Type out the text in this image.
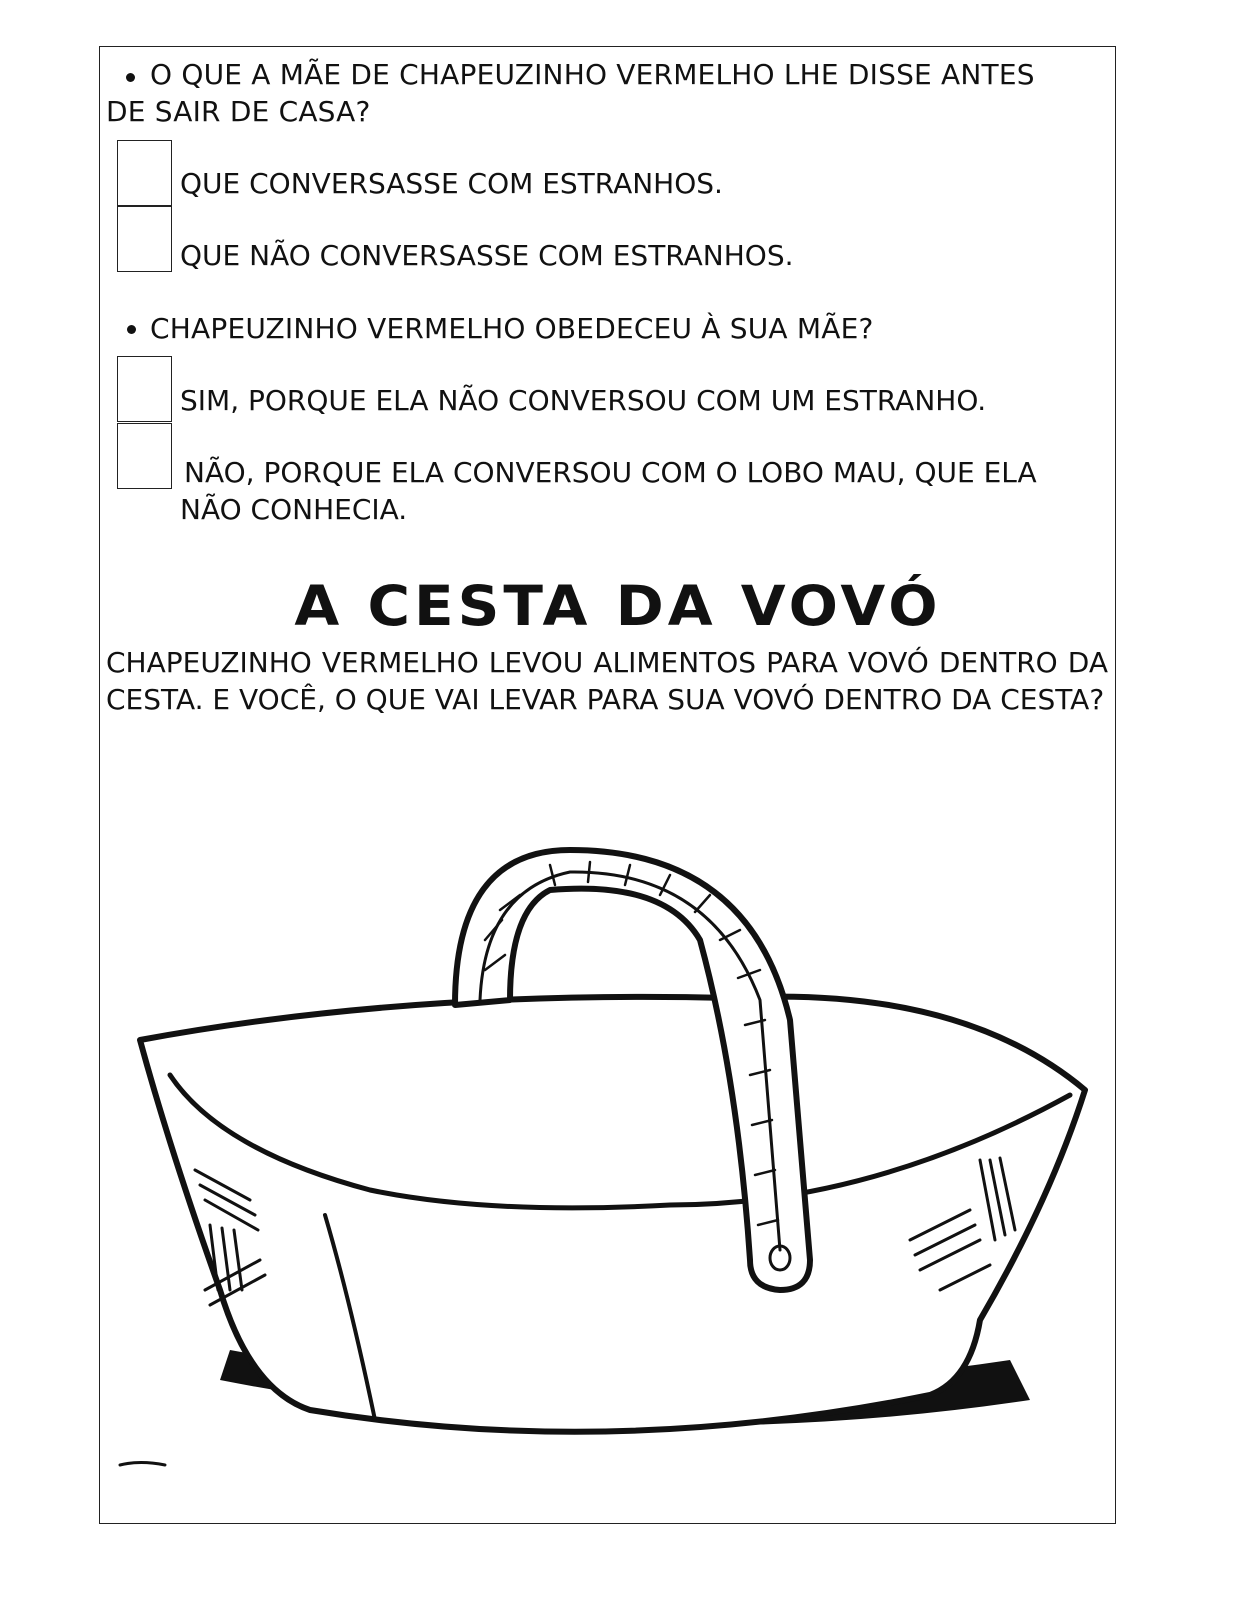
O QUE A MÃE DE CHAPEUZINHO VERMELHO LHE DISSE ANTES
DE SAIR DE CASA?
QUE CONVERSASSE COM ESTRANHOS.
QUE NÃO CONVERSASSE COM ESTRANHOS.
CHAPEUZINHO VERMELHO OBEDECEU À SUA MÃE?
SIM, PORQUE ELA NÃO CONVERSOU COM UM ESTRANHO.
NÃO, PORQUE ELA CONVERSOU COM O LOBO MAU, QUE ELA
NÃO CONHECIA.
A CESTA DA VOVÓ
CHAPEUZINHO VERMELHO LEVOU ALIMENTOS PARA VOVÓ DENTRO DA CESTA. E VOCÊ, O QUE VAI LEVAR PARA SUA VOVÓ DENTRO DA CESTA?
